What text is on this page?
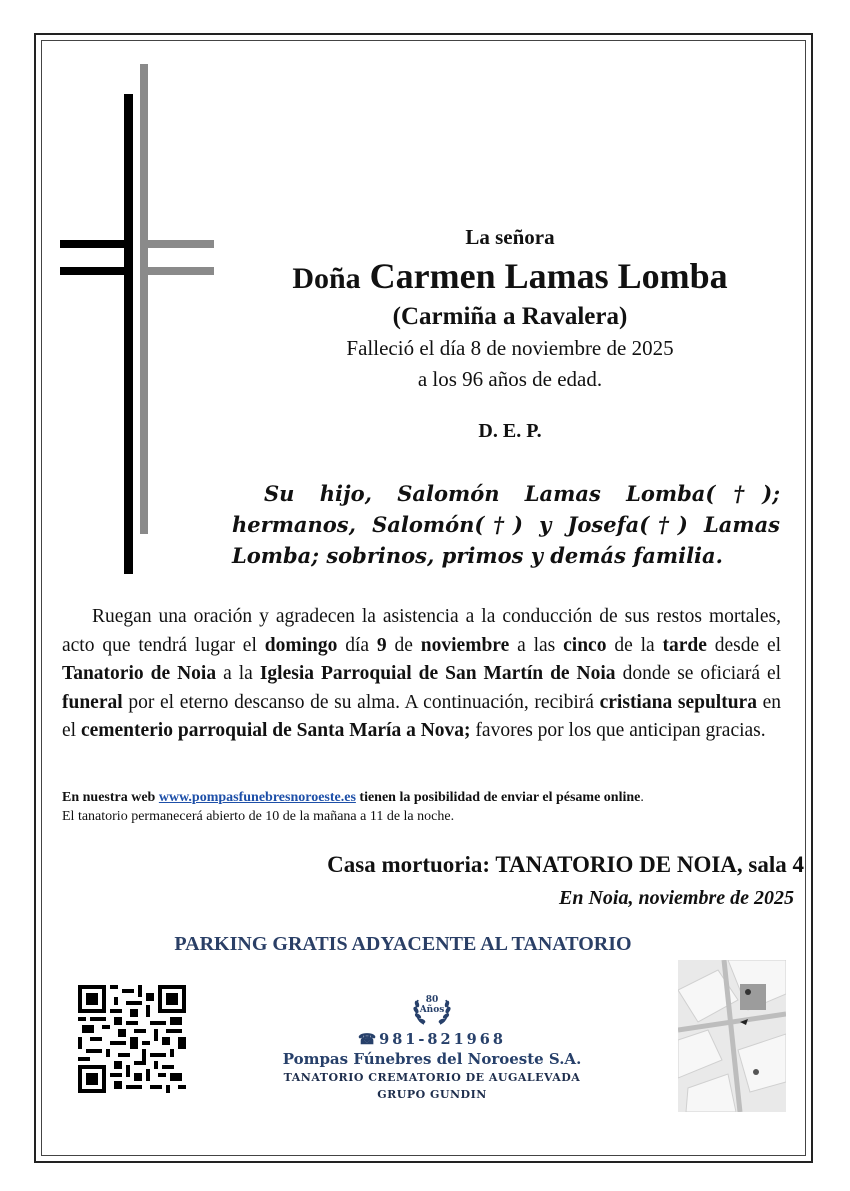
La señora
Doña Carmen Lamas Lomba
(Carmiña a Ravalera)
Falleció el día 8 de noviembre de 2025
a los 96 años de edad.
D. E. P.
Su hijo, Salomón Lamas Lomba(†); hermanos, Salomón(†) y Josefa(†) Lamas Lomba; sobrinos, primos y demás familia.
Ruegan una oración y agradecen la asistencia a la conducción de sus restos mortales, acto que tendrá lugar el domingo día 9 de noviembre a las cinco de la tarde desde el Tanatorio de Noia a la Iglesia Parroquial de San Martín de Noia donde se oficiará el funeral por el eterno descanso de su alma. A continuación, recibirá cristiana sepultura en el cementerio parroquial de Santa María a Nova; favores por los que anticipan gracias.
En nuestra web www.pompasfunebresnoroeste.es tienen la posibilidad de enviar el pésame online.
El tanatorio permanecerá abierto de 10 de la mañana a 11 de la noche.
Casa mortuoria: TANATORIO DE NOIA, sala 4
En Noia, noviembre de 2025
PARKING GRATIS ADYACENTE AL TANATORIO
80
Años
☎981-821968
Pompas Fúnebres del Noroeste S.A.
TANATORIO CREMATORIO DE AUGALEVADA
GRUPO GUNDIN
